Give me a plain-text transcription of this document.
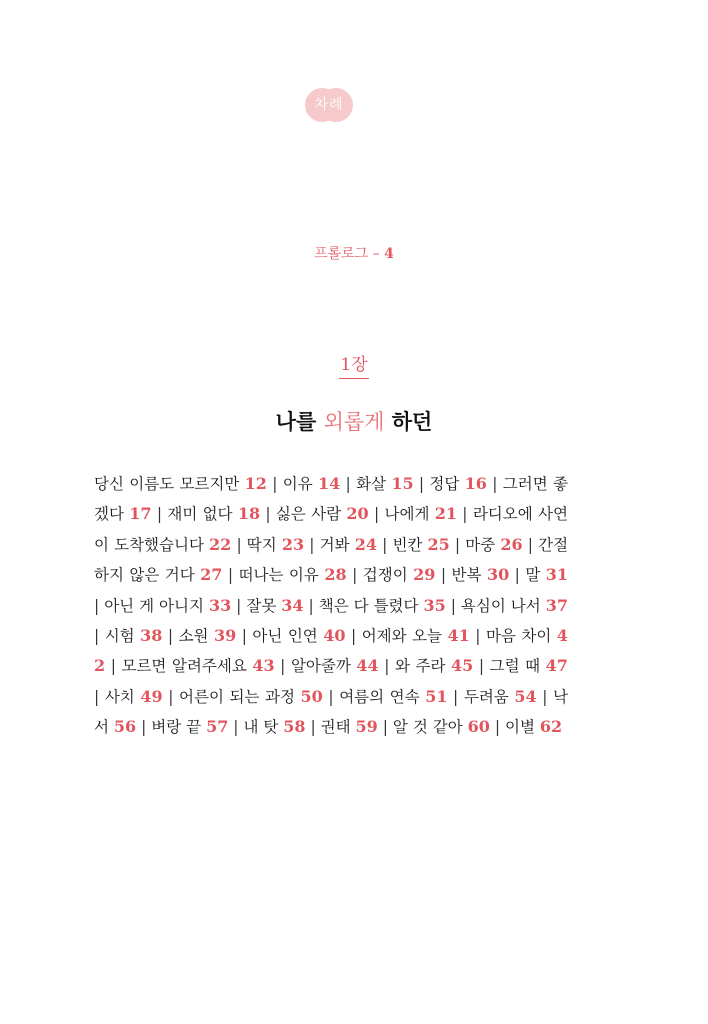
차례
프롤로그 – 4
1장
나를 외롭게 하던
당신 이름도 모르지만 12 | 이유 14 | 화살 15 | 정답 16 | 그러면 좋겠다 17 | 재미 없다 18 | 싫은 사람 20 | 나에게 21 | 라디오에 사연이 도착했습니다 22 | 딱지 23 | 거봐 24 | 빈칸 25 | 마중 26 | 간절하지 않은 거다 27 | 떠나는 이유 28 | 겁쟁이 29 | 반복 30 | 말 31 | 아닌 게 아니지 33 | 잘못 34 | 책은 다 틀렸다 35 | 욕심이 나서 37 | 시험 38 | 소원 39 | 아닌 인연 40 | 어제와 오늘 41 | 마음 차이 42 | 모르면 알려주세요 43 | 알아줄까 44 | 와 주라 45 | 그럴 때 47 | 사치 49 | 어른이 되는 과정 50 | 여름의 연속 51 | 두려움 54 | 낙서 56 | 벼랑 끝 57 | 내 탓 58 | 권태 59 | 알 것 같아 60 | 이별 62
